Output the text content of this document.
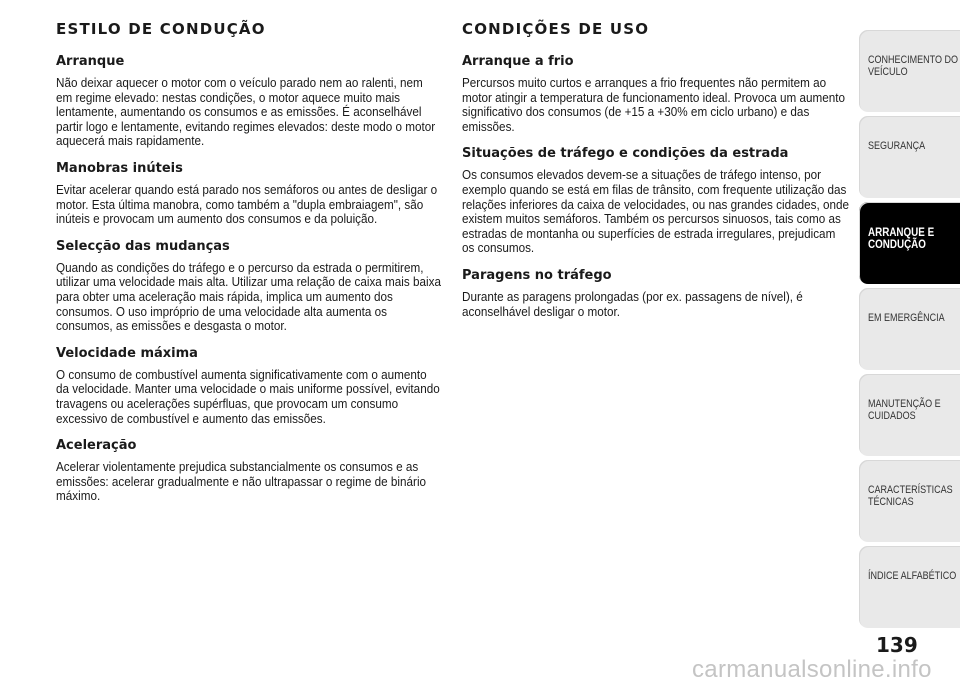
ESTILO DE CONDUÇÃO
Arranque

Não deixar aquecer o motor com o veículo parado nem ao ralenti, nem em regime elevado: nestas condições, o motor aquece muito mais lentamente, aumentando os consumos e as emissões. É aconselhável partir logo e lentamente, evitando regimes elevados: deste modo o motor aquecerá mais rapidamente.

Manobras inúteis

Evitar acelerar quando está parado nos semáforos ou antes de desligar o motor. Esta última manobra, como também a "dupla embraiagem", são inúteis e provocam um aumento dos consumos e da poluição.

Selecção das mudanças

Quando as condições do tráfego e o percurso da estrada o permitirem, utilizar uma velocidade mais alta. Utilizar uma relação de caixa mais baixa para obter uma aceleração mais rápida, implica um aumento dos consumos. O uso impróprio de uma velocidade alta aumenta os consumos, as emissões e desgasta o motor.

Velocidade máxima

O consumo de combustível aumenta significativamente com o aumento da velocidade. Manter uma velocidade o mais uniforme possível, evitando travagens ou acelerações supérfluas, que provocam um consumo excessivo de combustível e aumento das emissões.

Aceleração

Acelerar violentamente prejudica substancialmente os consumos e as emissões: acelerar gradualmente e não ultrapassar o regime de binário máximo.

CONDIÇÕES DE USO
Arranque a frio

Percursos muito curtos e arranques a frio frequentes não permitem ao motor atingir a temperatura de funcionamento ideal. Provoca um aumento significativo dos consumos (de +15 a +30% em ciclo urbano) e das emissões.

Situações de tráfego e condições da estrada

Os consumos elevados devem-se a situações de tráfego intenso, por exemplo quando se está em filas de trânsito, com frequente utilização das relações inferiores da caixa de velocidades, ou nas grandes cidades, onde existem muitos semáforos. Também os percursos sinuosos, tais como as estradas de montanha ou superfícies de estrada irregulares, prejudicam os consumos.

Paragens no tráfego

Durante as paragens prolongadas (por ex. passagens de nível), é aconselhável desligar o motor.

CONHECIMENTO DO VEÍCULO
SEGURANÇA
ARRANQUE E CONDUÇÃO
EM EMERGÊNCIA
MANUTENÇÃO E CUIDADOS
CARACTERÍSTICAS TÉCNICAS
ÍNDICE ALFABÉTICO
139
carmanualsonline.info
